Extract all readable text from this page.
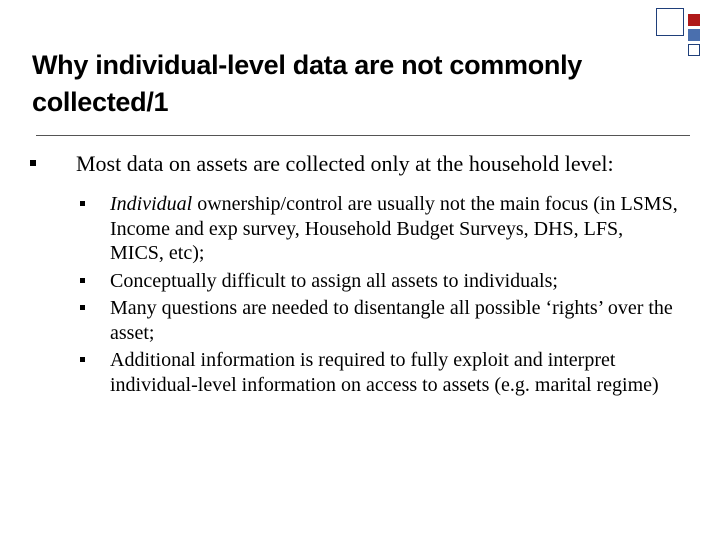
Why individual-level data are not commonly collected/1
Most data on assets are collected only at the household level:
Individual ownership/control are usually not the main focus (in LSMS, Income and exp survey, Household Budget Surveys, DHS, LFS, MICS, etc);
Conceptually difficult to assign all assets to individuals;
Many questions are needed to disentangle all possible ‘rights’ over the asset;
Additional information is required to fully exploit and interpret individual-level information on access to assets (e.g. marital regime)
